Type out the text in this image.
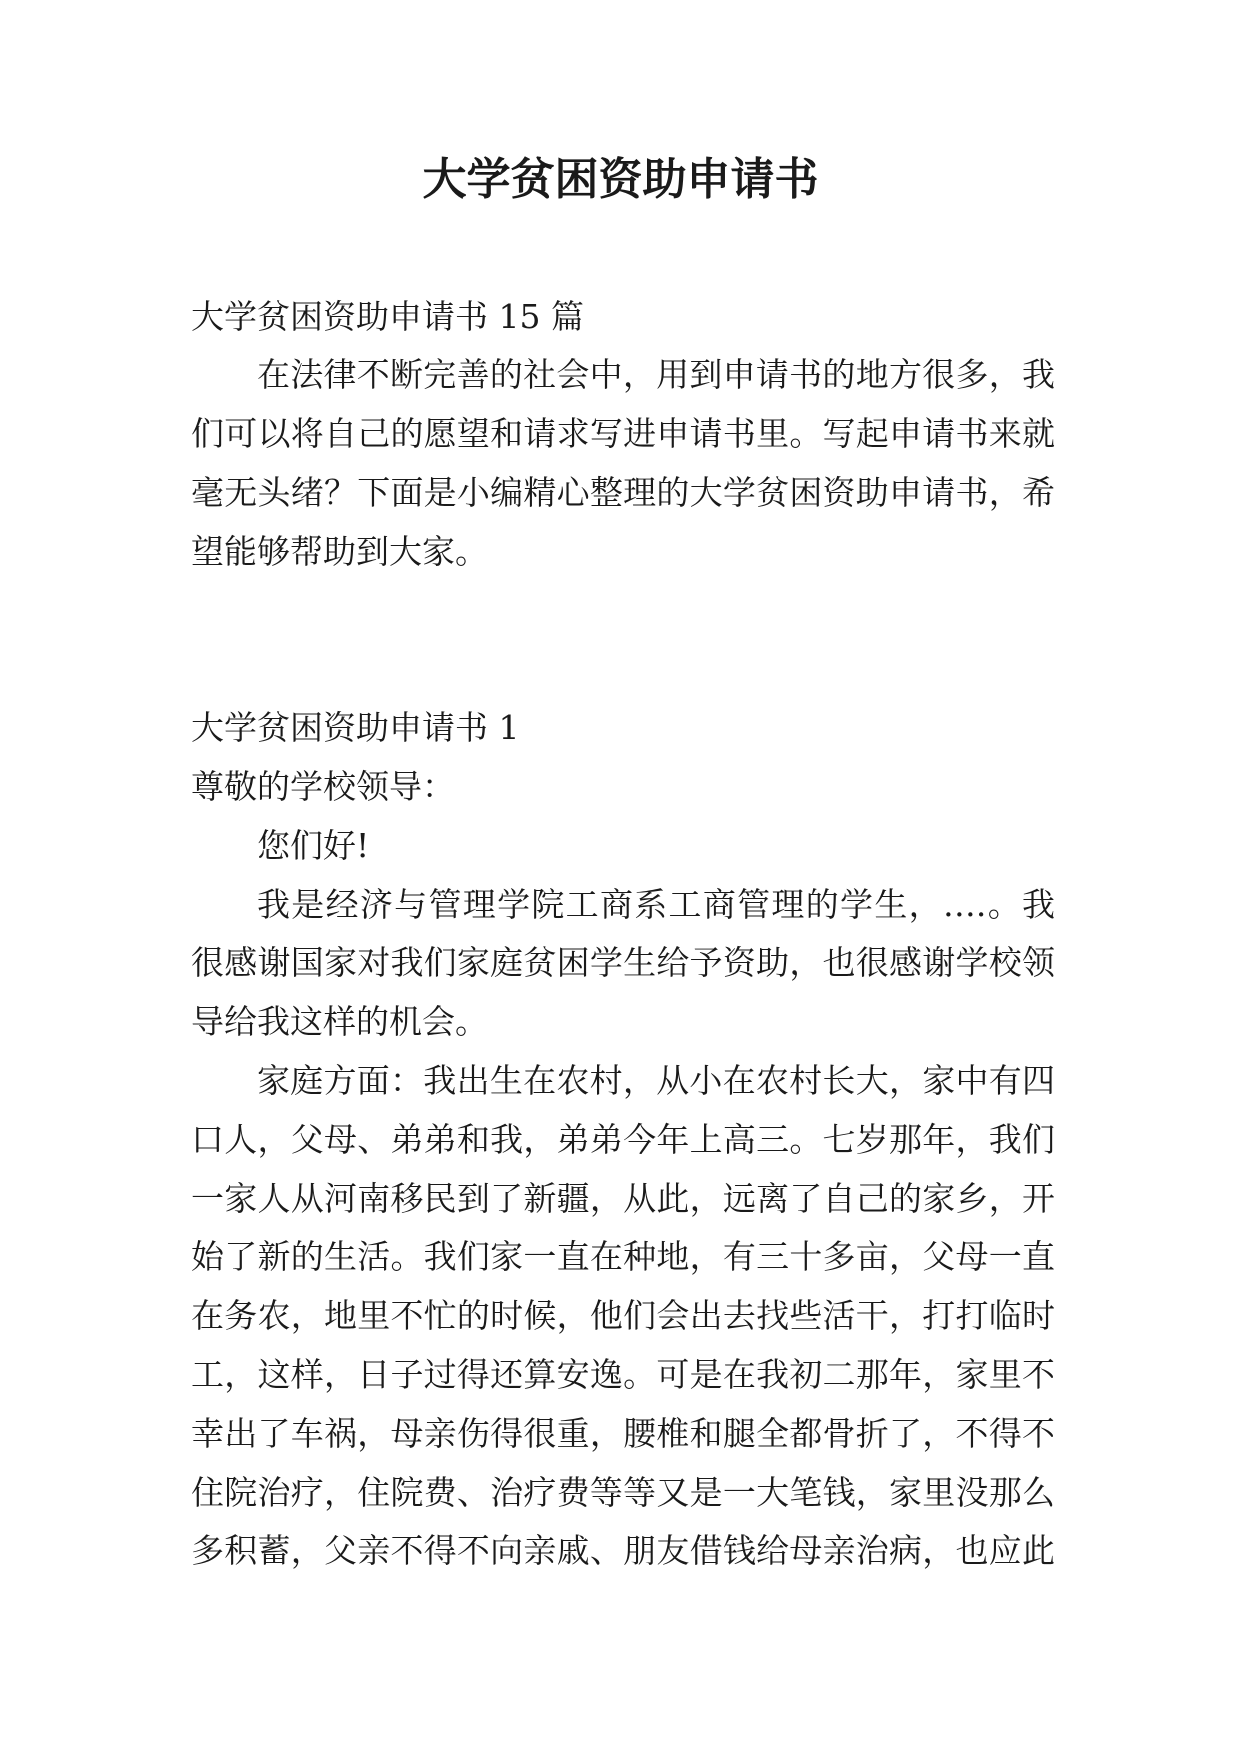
大学贫困资助申请书
大学贫困资助申请书 15 篇
在法律不断完善的社会中，用到申请书的地方很多，我
们可以将自己的愿望和请求写进申请书里。写起申请书来就
毫无头绪？下面是小编精心整理的大学贫困资助申请书，希
望能够帮助到大家。
大学贫困资助申请书 1
尊敬的学校领导：
您们好!
我是经济与管理学院工商系工商管理的学生，….。我
很感谢国家对我们家庭贫困学生给予资助，也很感谢学校领
导给我这样的机会。
家庭方面：我出生在农村，从小在农村长大，家中有四
口人，父母、弟弟和我，弟弟今年上高三。七岁那年，我们
一家人从河南移民到了新疆，从此，远离了自己的家乡，开
始了新的生活。我们家一直在种地，有三十多亩，父母一直
在务农，地里不忙的时候，他们会出去找些活干，打打临时
工，这样，日子过得还算安逸。可是在我初二那年，家里不
幸出了车祸，母亲伤得很重，腰椎和腿全都骨折了，不得不
住院治疗，住院费、治疗费等等又是一大笔钱，家里没那么
多积蓄，父亲不得不向亲戚、朋友借钱给母亲治病，也应此
